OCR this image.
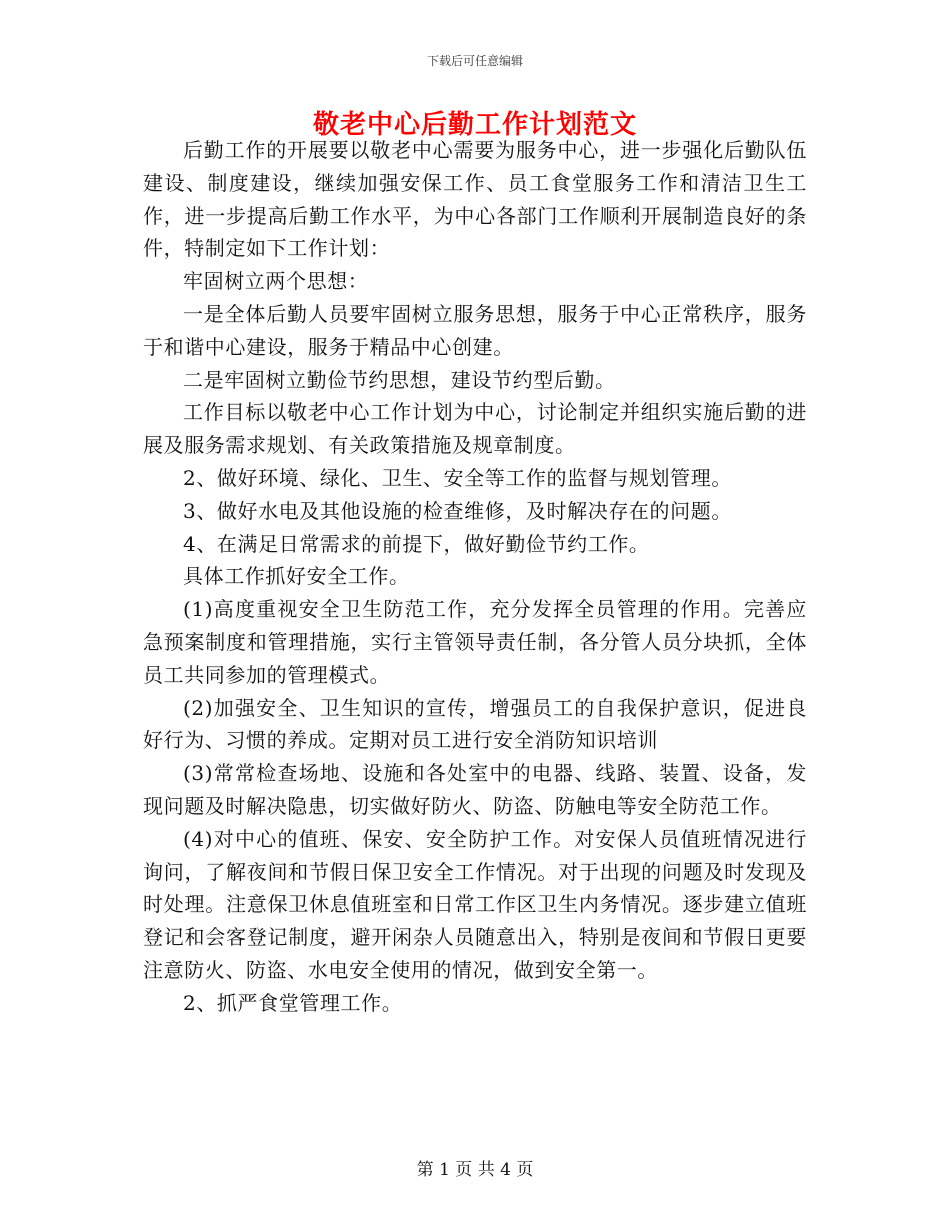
下载后可任意编辑
敬老中心后勤工作计划范文

后勤工作的开展要以敬老中心需要为服务中心，进一步强化后勤队伍建设、制度建设，继续加强安保工作、员工食堂服务工作和清洁卫生工作，进一步提高后勤工作水平，为中心各部门工作顺利开展制造良好的条件，特制定如下工作计划：

牢固树立两个思想：

一是全体后勤人员要牢固树立服务思想，服务于中心正常秩序，服务于和谐中心建设，服务于精品中心创建。

二是牢固树立勤俭节约思想，建设节约型后勤。

工作目标以敬老中心工作计划为中心，讨论制定并组织实施后勤的进展及服务需求规划、有关政策措施及规章制度。

2、做好环境、绿化、卫生、安全等工作的监督与规划管理。

3、做好水电及其他设施的检查维修，及时解决存在的问题。

4、在满足日常需求的前提下，做好勤俭节约工作。

具体工作抓好安全工作。

(1)高度重视安全卫生防范工作，充分发挥全员管理的作用。完善应急预案制度和管理措施，实行主管领导责任制，各分管人员分块抓，全体员工共同参加的管理模式。

(2)加强安全、卫生知识的宣传，增强员工的自我保护意识，促进良好行为、习惯的养成。定期对员工进行安全消防知识培训

(3)常常检查场地、设施和各处室中的电器、线路、装置、设备，发现问题及时解决隐患，切实做好防火、防盗、防触电等安全防范工作。

(4)对中心的值班、保安、安全防护工作。对安保人员值班情况进行询问，了解夜间和节假日保卫安全工作情况。对于出现的问题及时发现及时处理。注意保卫休息值班室和日常工作区卫生内务情况。逐步建立值班登记和会客登记制度，避开闲杂人员随意出入，特别是夜间和节假日更要注意防火、防盗、水电安全使用的情况，做到安全第一。

2、抓严食堂管理工作。

第 1 页 共 4 页
